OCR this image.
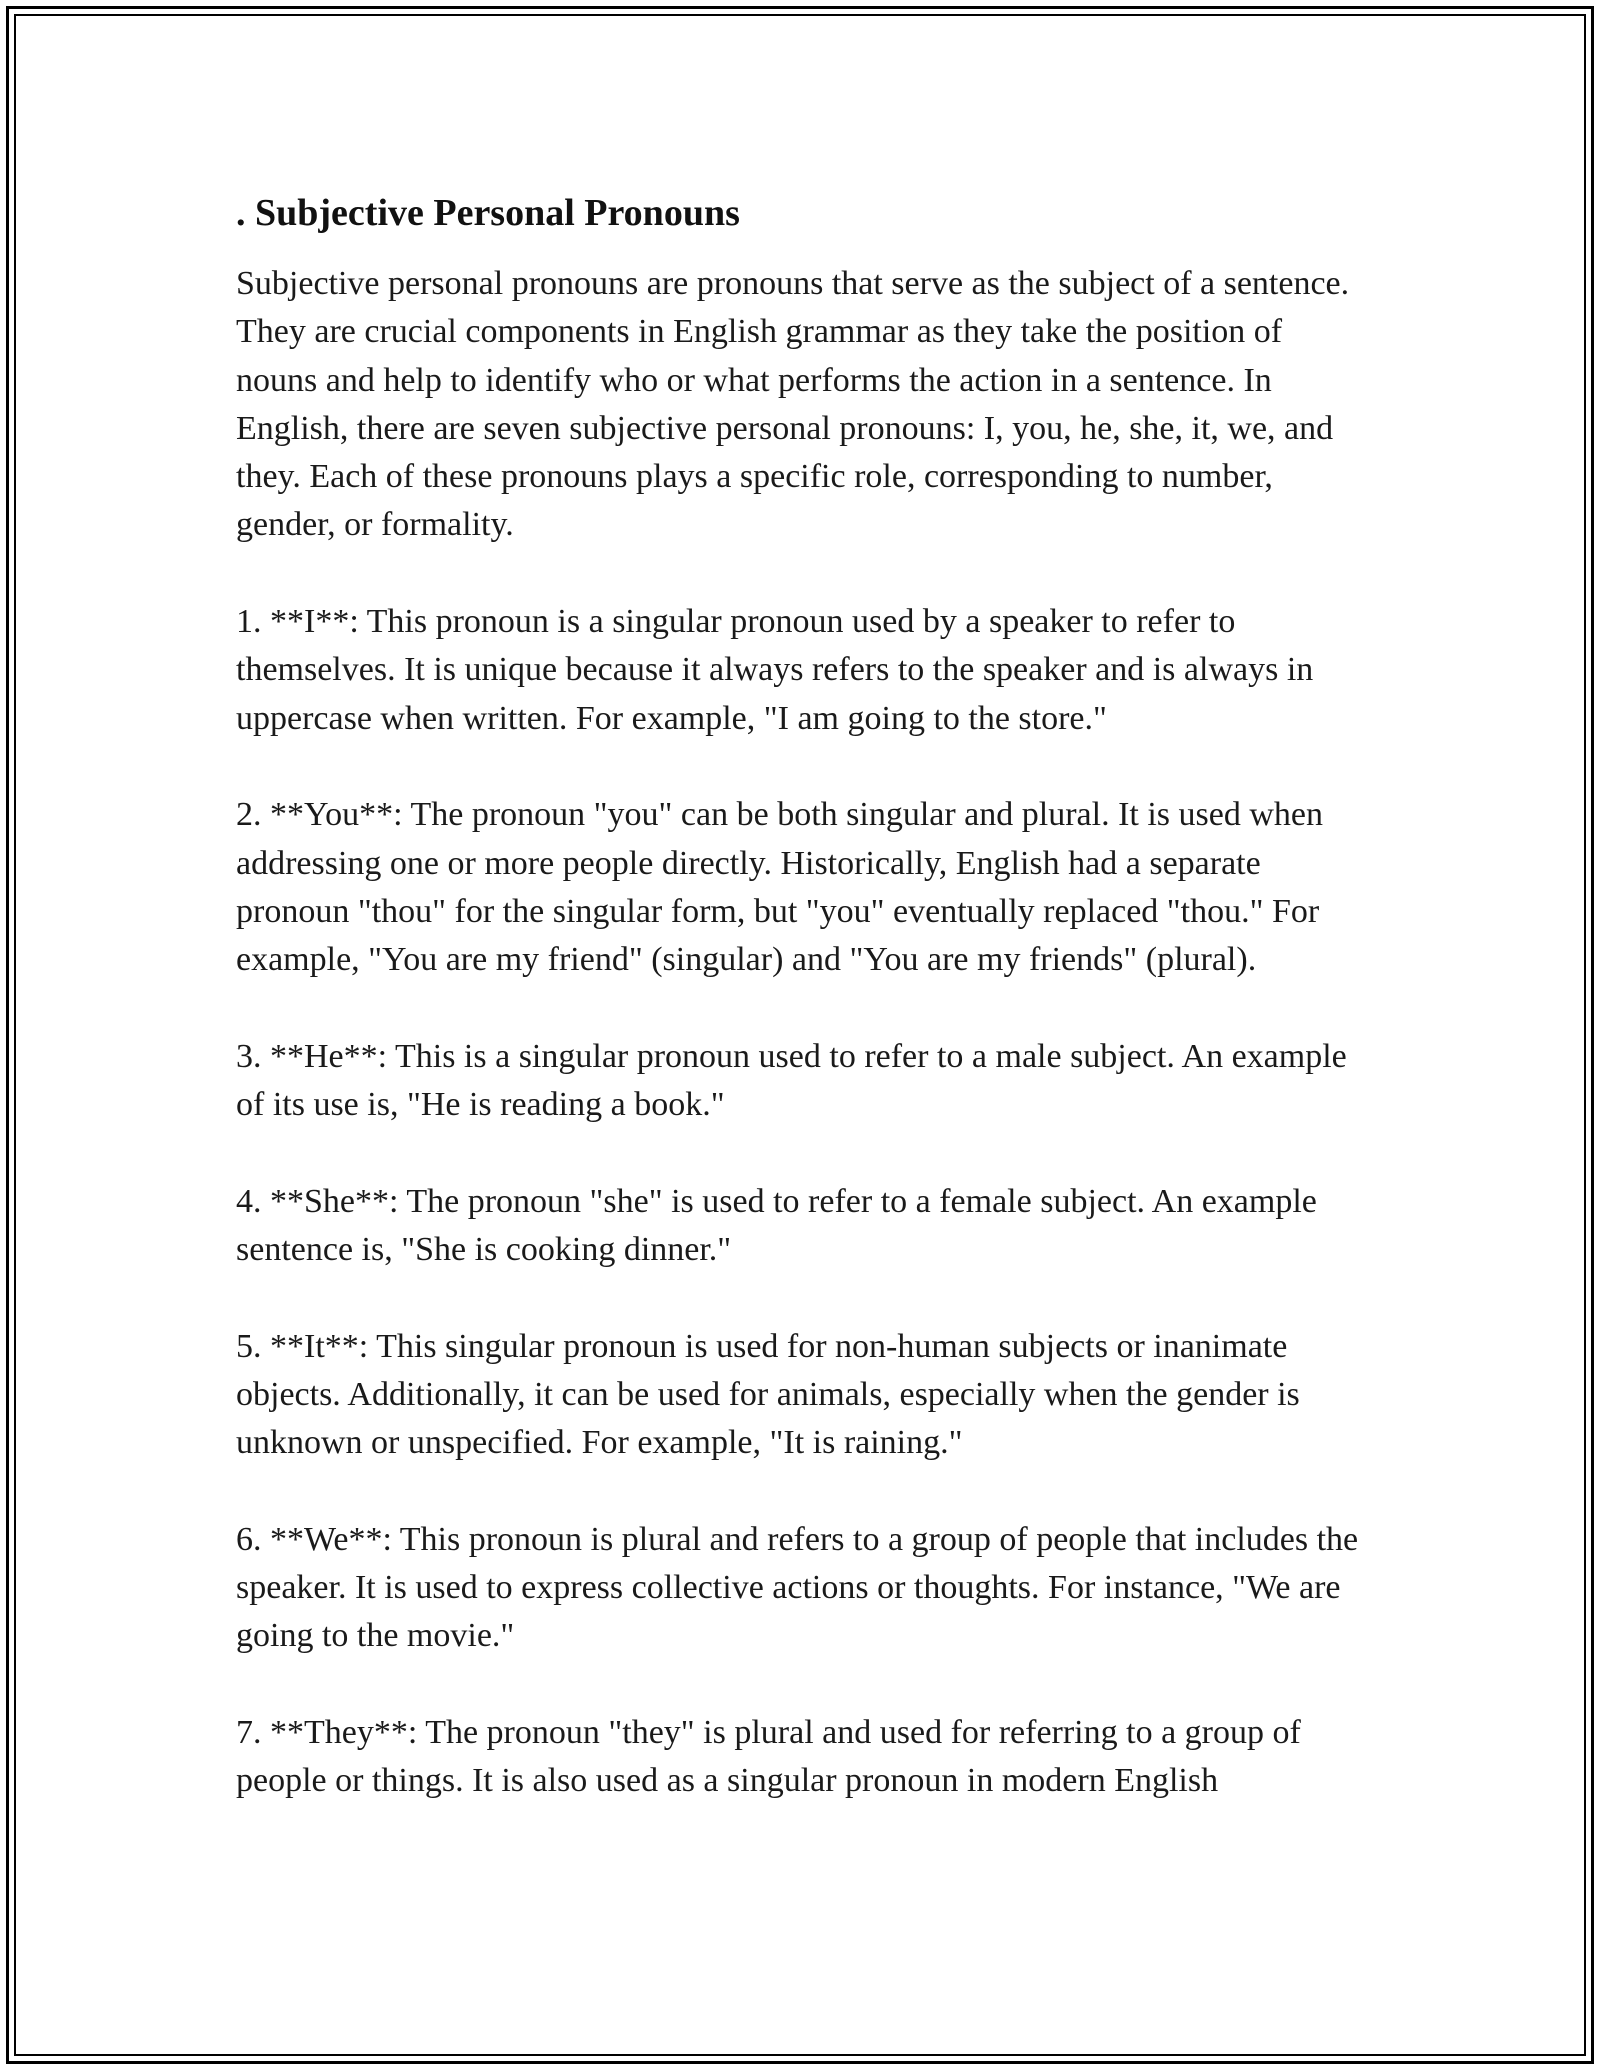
. Subjective Personal Pronouns

Subjective personal pronouns are pronouns that serve as the subject of a sentence. They are crucial components in English grammar as they take the position of nouns and help to identify who or what performs the action in a sentence. In English, there are seven subjective personal pronouns: I, you, he, she, it, we, and they. Each of these pronouns plays a specific role, corresponding to number, gender, or formality.

1. **I**: This pronoun is a singular pronoun used by a speaker to refer to themselves. It is unique because it always refers to the speaker and is always in uppercase when written. For example, "I am going to the store."

2. **You**: The pronoun "you" can be both singular and plural. It is used when addressing one or more people directly. Historically, English had a separate pronoun "thou" for the singular form, but "you" eventually replaced "thou." For example, "You are my friend" (singular) and "You are my friends" (plural).

3. **He**: This is a singular pronoun used to refer to a male subject. An example of its use is, "He is reading a book."

4. **She**: The pronoun "she" is used to refer to a female subject. An example sentence is, "She is cooking dinner."

5. **It**: This singular pronoun is used for non-human subjects or inanimate objects. Additionally, it can be used for animals, especially when the gender is unknown or unspecified. For example, "It is raining."

6. **We**: This pronoun is plural and refers to a group of people that includes the speaker. It is used to express collective actions or thoughts. For instance, "We are going to the movie."

7. **They**: The pronoun "they" is plural and used for referring to a group of people or things. It is also used as a singular pronoun in modern English
